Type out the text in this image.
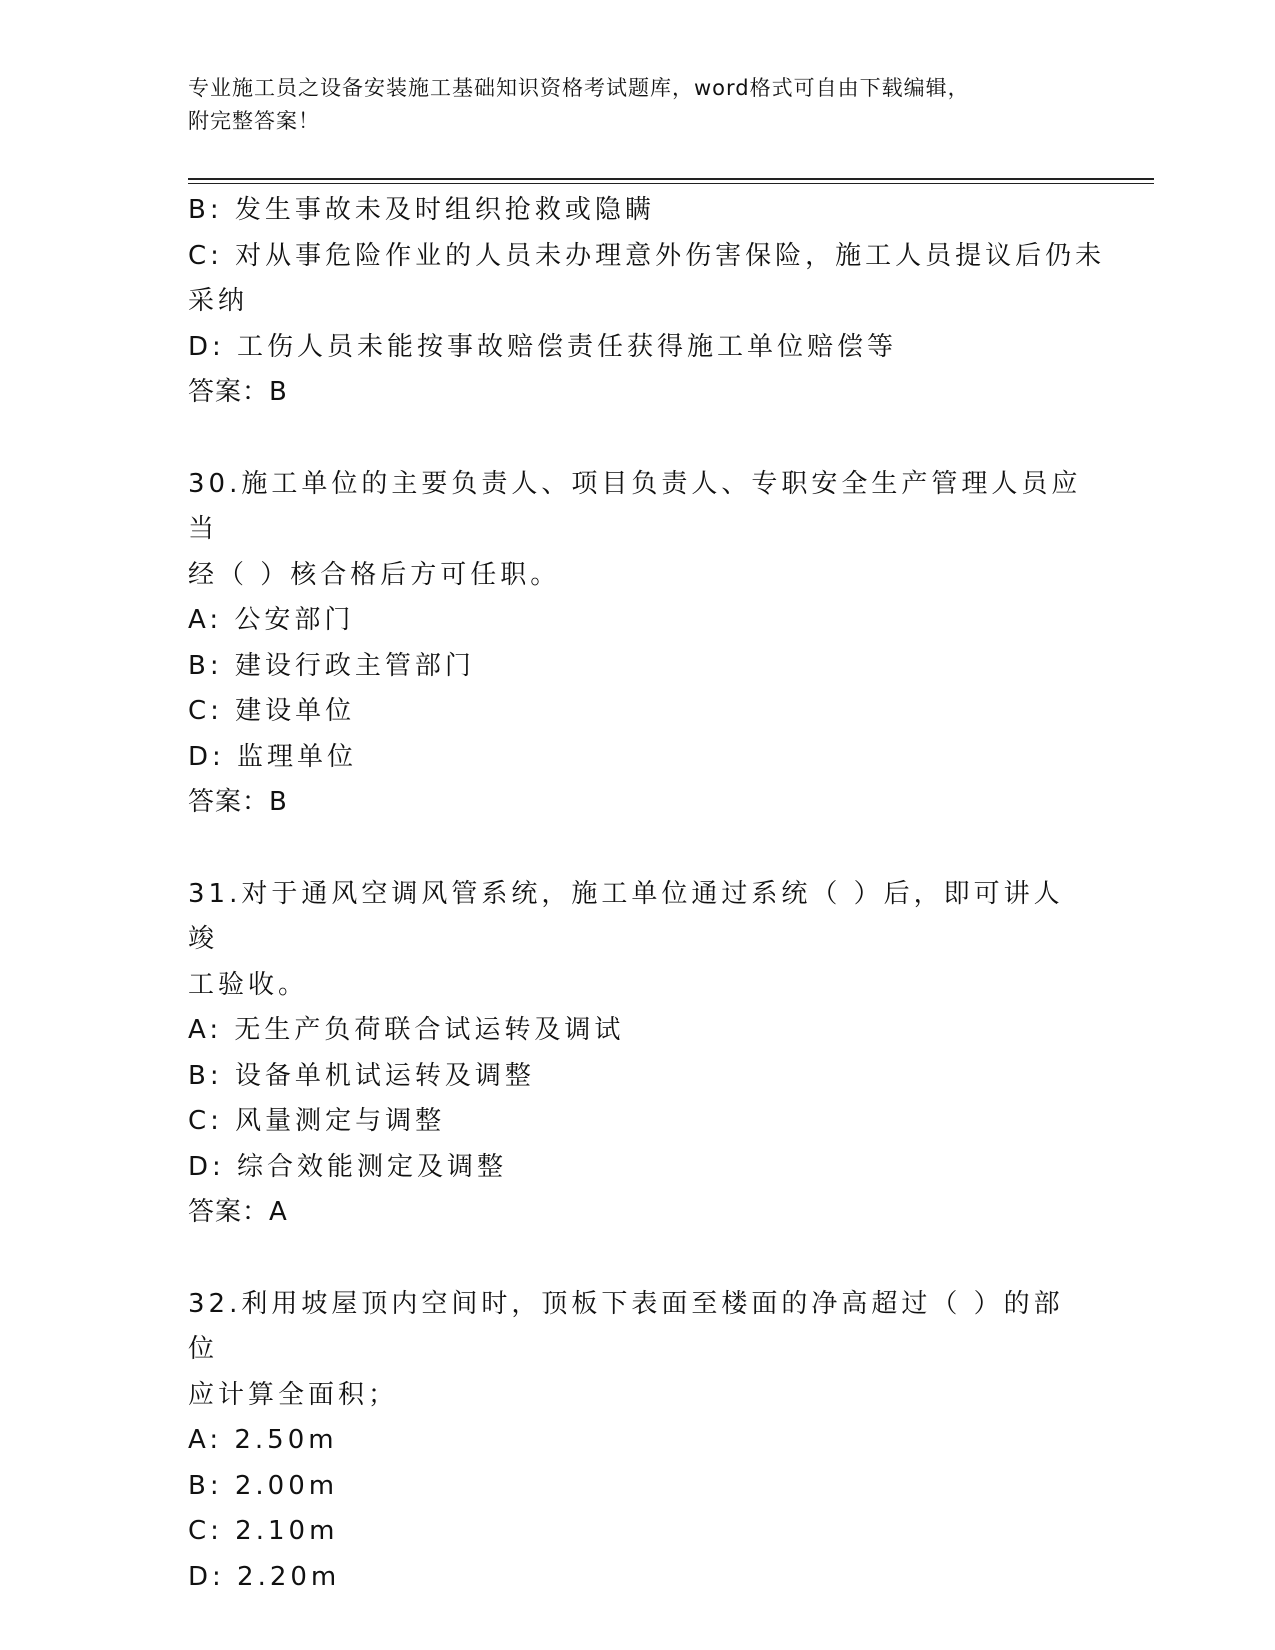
专业施工员之设备安装施工基础知识资格考试题库，word格式可自由下载编辑，
附完整答案！
B: 发生事故未及时组织抢救或隐瞒
C: 对从事危险作业的人员未办理意外伤害保险，施工人员提议后仍未
采纳
D: 工伤人员未能按事故赔偿责任获得施工单位赔偿等
答案：B
30.施工单位的主要负责人、项目负责人、专职安全生产管理人员应当
经（ ）核合格后方可任职。
A: 公安部门
B: 建设行政主管部门
C: 建设单位
D: 监理单位
答案：B
31.对于通风空调风管系统，施工单位通过系统（ ）后，即可讲人竣
工验收。
A: 无生产负荷联合试运转及调试
B: 设备单机试运转及调整
C: 风量测定与调整
D: 综合效能测定及调整
答案：A
32.利用坡屋顶内空间时，顶板下表面至楼面的净高超过（ ）的部位
应计算全面积；
A: 2.50m
B: 2.00m
C: 2.10m
D: 2.20m
